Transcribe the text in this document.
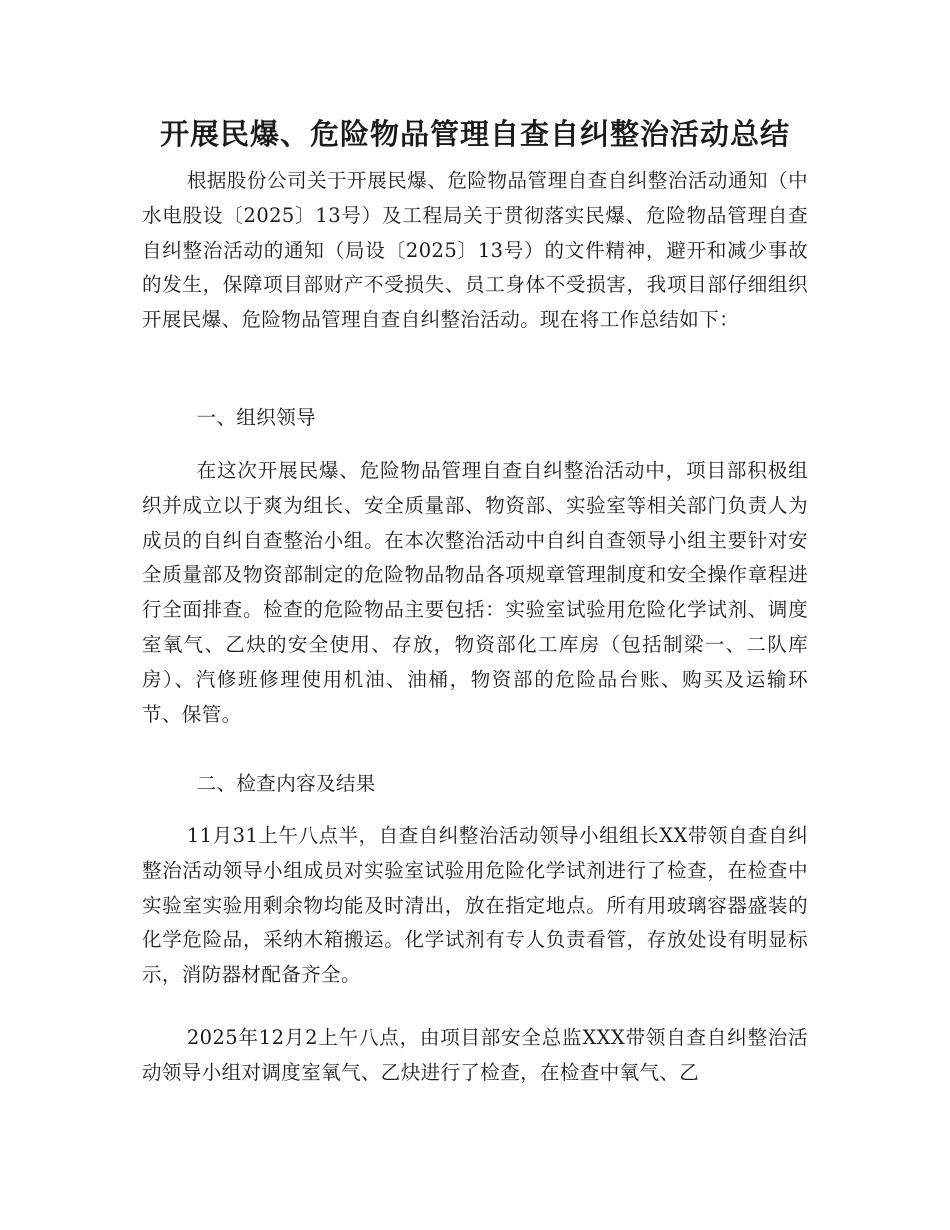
开展民爆、危险物品管理自查自纠整治活动总结

根据股份公司关于开展民爆、危险物品管理自查自纠整治活动通知（中水电股设〔2025〕13号）及工程局关于贯彻落实民爆、危险物品管理自查自纠整治活动的通知（局设〔2025〕13号）的文件精神，避开和减少事故的发生，保障项目部财产不受损失、员工身体不受损害，我项目部仔细组织开展民爆、危险物品管理自查自纠整治活动。现在将工作总结如下：

一、组织领导

在这次开展民爆、危险物品管理自查自纠整治活动中，项目部积极组织并成立以于爽为组长、安全质量部、物资部、实验室等相关部门负责人为成员的自纠自查整治小组。在本次整治活动中自纠自查领导小组主要针对安全质量部及物资部制定的危险物品物品各项规章管理制度和安全操作章程进行全面排查。检查的危险物品主要包括：实验室试验用危险化学试剂、调度室氧气、乙炔的安全使用、存放，物资部化工库房（包括制梁一、二队库房）、汽修班修理使用机油、油桶，物资部的危险品台账、购买及运输环节、保管。

二、检查内容及结果

11月31上午八点半，自查自纠整治活动领导小组组长XX带领自查自纠整治活动领导小组成员对实验室试验用危险化学试剂进行了检查，在检查中实验室实验用剩余物均能及时清出，放在指定地点。所有用玻璃容器盛装的化学危险品，采纳木箱搬运。化学试剂有专人负责看管，存放处设有明显标示，消防器材配备齐全。

2025年12月2上午八点，由项目部安全总监XXX带领自查自纠整治活动领导小组对调度室氧气、乙炔进行了检查，在检查中氧气、乙
